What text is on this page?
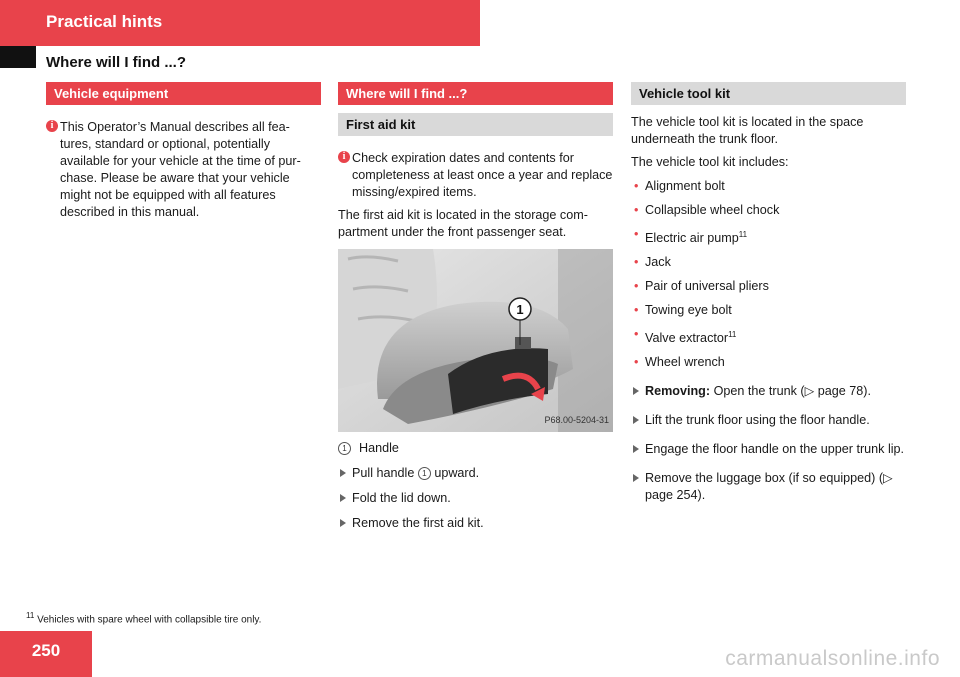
Practical hints
Where will I find ...?
Vehicle equipment
i This Operator’s Manual describes all fea-tures, standard or optional, potentially available for your vehicle at the time of pur-chase. Please be aware that your vehicle might not be equipped with all features described in this manual.
Where will I find ...?
First aid kit
i Check expiration dates and contents for completeness at least once a year and replace missing/expired items.

The first aid kit is located in the storage com-partment under the front passenger seat.

1
P68.00-5204-31
1 Handle
Pull handle 1 upward.
Fold the lid down.
Remove the first aid kit.
Vehicle tool kit

The vehicle tool kit is located in the space underneath the trunk floor.

The vehicle tool kit includes:

• Alignment bolt
• Collapsible wheel chock
• Electric air pump$^{11}$
• Jack
• Pair of universal pliers
• Towing eye bolt
• Valve extractor$^{11}$
• Wheel wrench
Removing: Open the trunk (▷ page 78).
Lift the trunk floor using the floor handle.
Engage the floor handle on the upper trunk lip.
Remove the luggage box (if so equipped) (▷ page 254).
$^{11}$ Vehicles with spare wheel with collapsible tire only.
250	carmanualsonline.info
